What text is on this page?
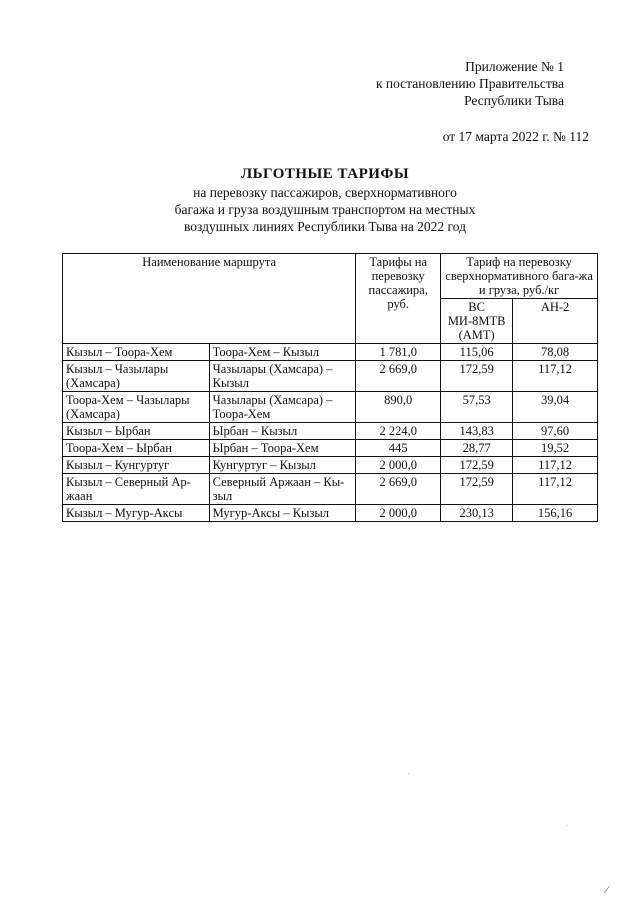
Приложение № 1
к постановлению Правительства
Республики Тыва
от 17 марта 2022 г. № 112
ЛЬГОТНЫЕ ТАРИФЫ
на перевозку пассажиров, сверхнормативного
багажа и груза воздушным транспортом на местных
воздушных линиях Республики Тыва на 2022 год
Наименование маршрута		Тарифы на перевозку пассажира, руб.	Тариф на перевозку сверхнормативного бага-жа и груза, руб./кг	
			ВС МИ-8МТВ (АМТ)	АН-2
Кызыл – Тоора-Хем	Тоора-Хем – Кызыл	1 781,0	115,06	78,08
Кызыл – Чазылары (Хамсара)	Чазылары (Хамсара) – Кызыл	2 669,0	172,59	117,12
Тоора-Хем – Чазылары (Хамсара)	Чазылары (Хамсара) – Тоора-Хем	890,0	57,53	39,04
Кызыл – Ырбан	Ырбан – Кызыл	2 224,0	143,83	97,60
Тоора-Хем – Ырбан	Ырбан – Тоора-Хем	445	28,77	19,52
Кызыл – Кунгуртуг	Кунгуртуг – Кызыл	2 000,0	172,59	117,12
Кызыл – Северный Ар-жаан	Северный Аржаан – Кы-зыл	2 669,0	172,59	117,12
Кызыл – Мугур-Аксы	Мугур-Аксы – Кызыл	2 000,0	230,13	156,16
.
.
∕
